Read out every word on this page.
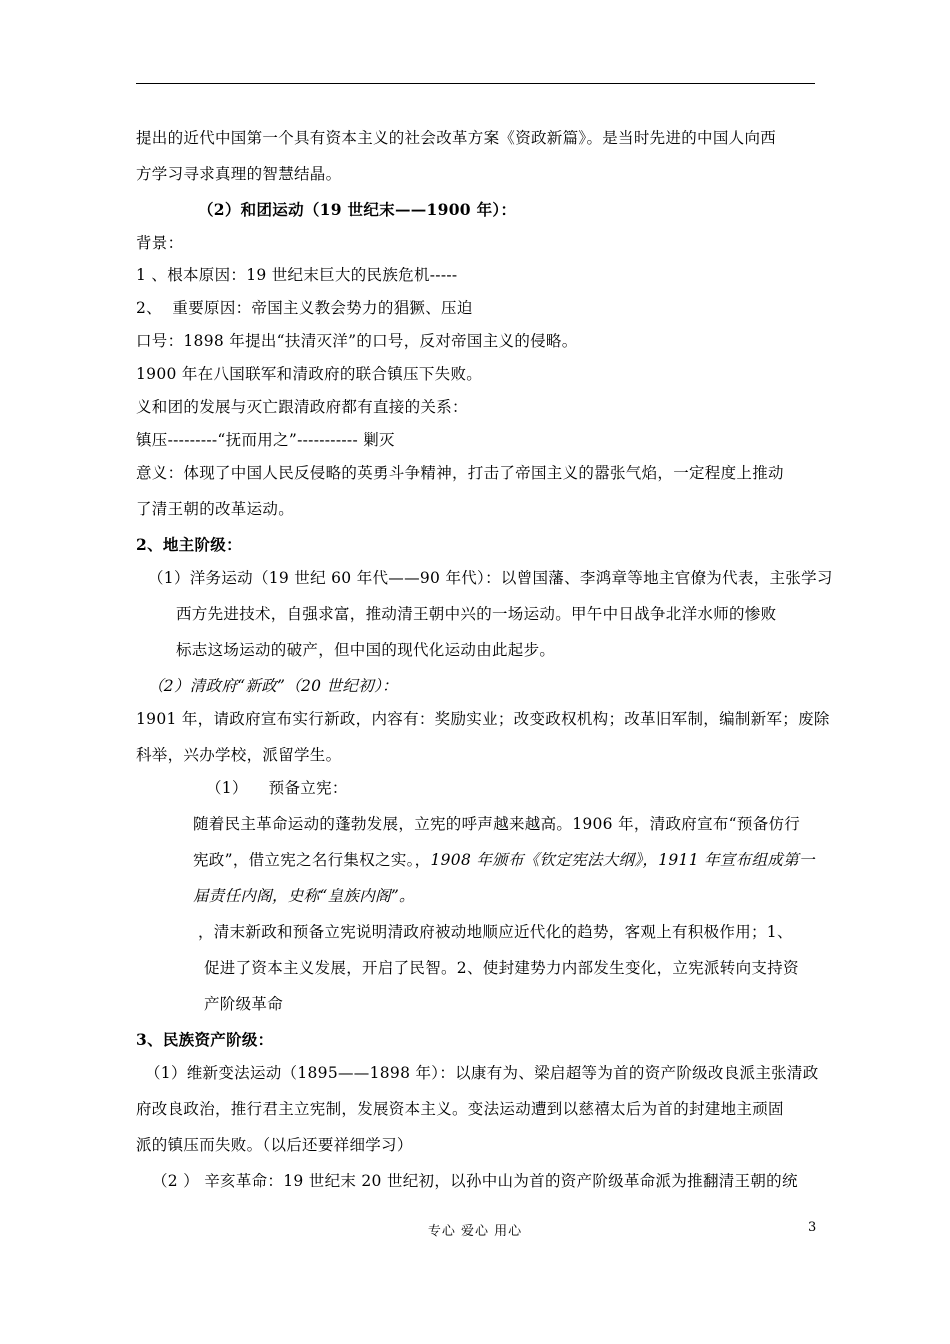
提出的近代中国第一个具有资本主义的社会改革方案《资政新篇》。是当时先进的中国人向西
方学习寻求真理的智慧结晶。
（2）和团运动（19 世纪末——1900 年）：
背景：
1 、根本原因：19 世纪末巨大的民族危机-----
2、  重要原因：帝国主义教会势力的猖獗、压迫
口号：1898 年提出“扶清灭洋”的口号，反对帝国主义的侵略。
1900 年在八国联军和清政府的联合镇压下失败。
义和团的发展与灭亡跟清政府都有直接的关系：
镇压---------“抚而用之”----------- 剿灭
意义：体现了中国人民反侵略的英勇斗争精神，打击了帝国主义的嚣张气焰，一定程度上推动
了清王朝的改革运动。
2、地主阶级：
（1）洋务运动（19 世纪 60 年代——90 年代）：以曾国藩、李鸿章等地主官僚为代表，主张学习
西方先进技术，自强求富，推动清王朝中兴的一场运动。甲午中日战争北洋水师的惨败
标志这场运动的破产，但中国的现代化运动由此起步。
（2）清政府“新政”（20 世纪初）：
1901 年，请政府宣布实行新政，内容有：奖励实业；改变政权机构；改革旧军制，编制新军；废除
科举，兴办学校，派留学生。
（1）    预备立宪：
随着民主革命运动的蓬勃发展，立宪的呼声越来越高。1906 年，清政府宣布“预备仿行
宪政”，借立宪之名行集权之实。，1908 年颁布《钦定宪法大纲》，1911 年宣布组成第一
届责任内阁，史称“皇族内阁”。
，清末新政和预备立宪说明清政府被动地顺应近代化的趋势，客观上有积极作用；1、
促进了资本主义发展，开启了民智。2、使封建势力内部发生变化，立宪派转向支持资
产阶级革命
3、民族资产阶级：
（1）维新变法运动（1895——1898 年）：以康有为、梁启超等为首的资产阶级改良派主张清政
府改良政治，推行君主立宪制，发展资本主义。变法运动遭到以慈禧太后为首的封建地主顽固
派的镇压而失败。（以后还要祥细学习）
（2 ） 辛亥革命：19 世纪末 20 世纪初，以孙中山为首的资产阶级革命派为推翻清王朝的统
专心 爱心 用心	3
